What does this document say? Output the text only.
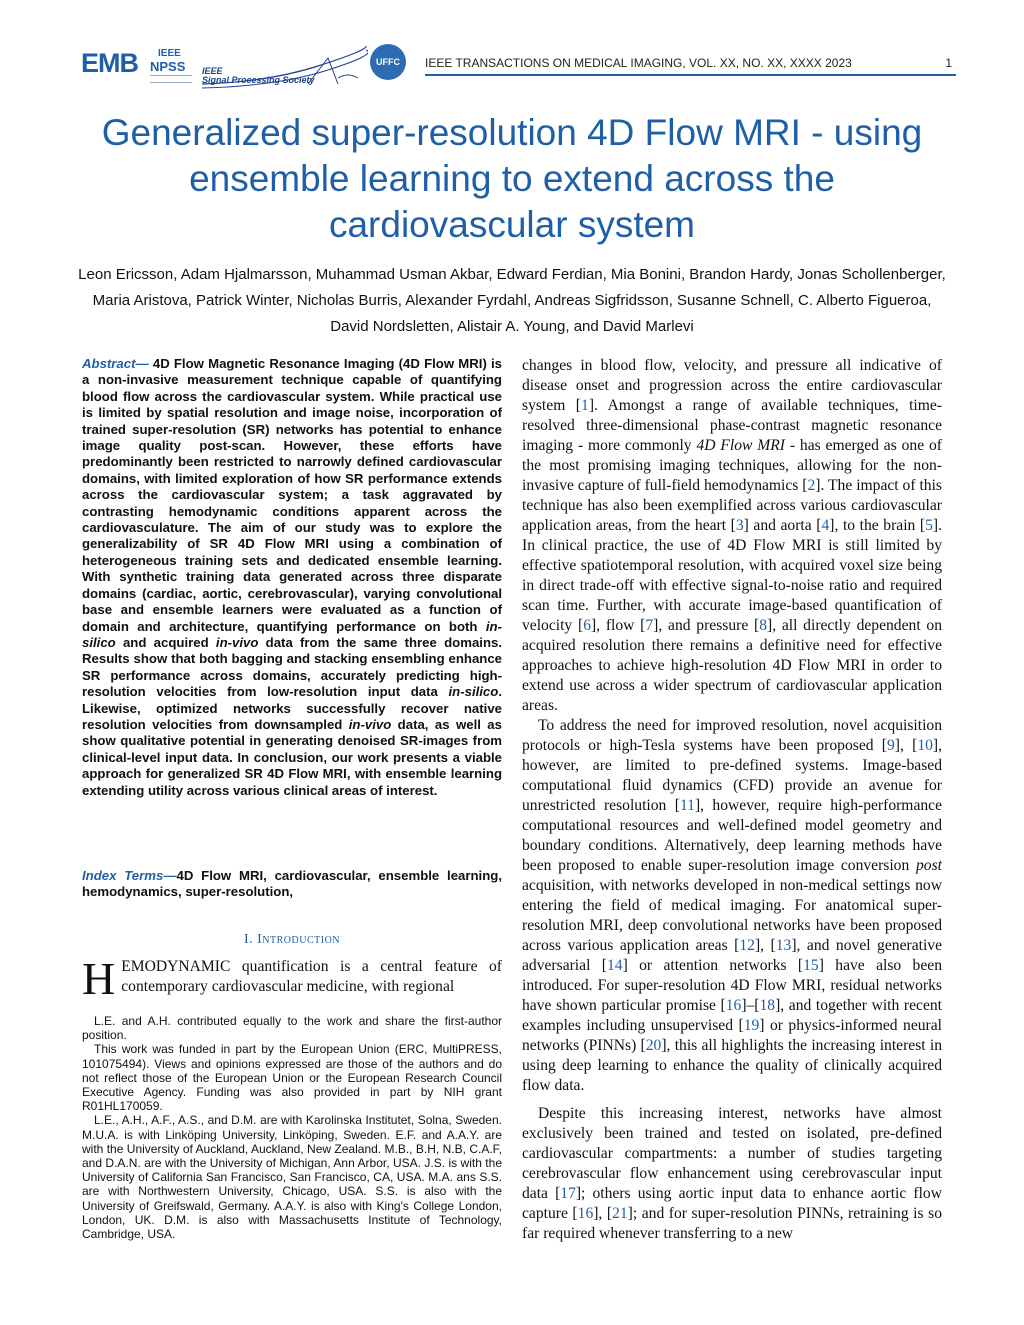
EMB IEEE
NPSS IEEE
Signal Processing Society
UFFC IEEE TRANSACTIONS ON MEDICAL IMAGING, VOL. XX, NO. XX, XXXX 2023	1
Generalized super-resolution 4D Flow MRI - using ensemble learning to extend across the cardiovascular system
Leon Ericsson, Adam Hjalmarsson, Muhammad Usman Akbar, Edward Ferdian, Mia Bonini, Brandon Hardy, Jonas Schollenberger, Maria Aristova, Patrick Winter, Nicholas Burris, Alexander Fyrdahl, Andreas Sigfridsson, Susanne Schnell, C. Alberto Figueroa, David Nordsletten, Alistair A. Young, and David Marlevi
Abstract— 4D Flow Magnetic Resonance Imaging (4D Flow MRI) is a non-invasive measurement technique capable of quantifying blood flow across the cardiovascular system. While practical use is limited by spatial resolution and image noise, incorporation of trained super-resolution (SR) networks has potential to enhance image quality post-scan. However, these efforts have predominantly been restricted to narrowly defined cardiovascular domains, with limited exploration of how SR performance extends across the cardiovascular system; a task aggravated by contrasting hemodynamic conditions apparent across the cardiovasculature. The aim of our study was to explore the generalizability of SR 4D Flow MRI using a combination of heterogeneous training sets and dedicated ensemble learning. With synthetic training data generated across three disparate domains (cardiac, aortic, cerebrovascular), varying convolutional base and ensemble learners were evaluated as a function of domain and architecture, quantifying performance on both in-silico and acquired in-vivo data from the same three domains. Results show that both bagging and stacking ensembling enhance SR performance across domains, accurately predicting high-resolution velocities from low-resolution input data in-silico. Likewise, optimized networks successfully recover native resolution velocities from downsampled in-vivo data, as well as show qualitative potential in generating denoised SR-images from clinical-level input data. In conclusion, our work presents a viable approach for generalized SR 4D Flow MRI, with ensemble learning extending utility across various clinical areas of interest.
Index Terms—4D Flow MRI, cardiovascular, ensemble learning, hemodynamics, super-resolution,
I. Introduction
HEMODYNAMIC quantification is a central feature of contemporary cardiovascular medicine, with regional

L.E. and A.H. contributed equally to the work and share the first-author position.

This work was funded in part by the European Union (ERC, MultiPRESS, 101075494). Views and opinions expressed are those of the authors and do not reflect those of the European Union or the European Research Council Executive Agency. Funding was also provided in part by NIH grant R01HL170059.

L.E., A.H., A.F., A.S., and D.M. are with Karolinska Institutet, Solna, Sweden. M.U.A. is with Linköping University, Linköping, Sweden. E.F. and A.A.Y. are with the University of Auckland, Auckland, New Zealand. M.B., B.H, N.B, C.A.F, and D.A.N. are with the University of Michigan, Ann Arbor, USA. J.S. is with the University of California San Francisco, San Francisco, CA, USA. M.A. ans S.S. are with Northwestern University, Chicago, USA. S.S. is also with the University of Greifswald, Germany. A.A.Y. is also with King's College London, London, UK. D.M. is also with Massachusetts Institute of Technology, Cambridge, USA.

changes in blood flow, velocity, and pressure all indicative of disease onset and progression across the entire cardiovascular system [1]. Amongst a range of available techniques, time-resolved three-dimensional phase-contrast magnetic resonance imaging - more commonly 4D Flow MRI - has emerged as one of the most promising imaging techniques, allowing for the non-invasive capture of full-field hemodynamics [2]. The impact of this technique has also been exemplified across various cardiovascular application areas, from the heart [3] and aorta [4], to the brain [5]. In clinical practice, the use of 4D Flow MRI is still limited by effective spatiotemporal resolution, with acquired voxel size being in direct trade-off with effective signal-to-noise ratio and required scan time. Further, with accurate image-based quantification of velocity [6], flow [7], and pressure [8], all directly dependent on acquired resolution there remains a definitive need for effective approaches to achieve high-resolution 4D Flow MRI in order to extend use across a wider spectrum of cardiovascular application areas.

To address the need for improved resolution, novel acquisition protocols or high-Tesla systems have been proposed [9], [10], however, are limited to pre-defined systems. Image-based computational fluid dynamics (CFD) provide an avenue for unrestricted resolution [11], however, require high-performance computational resources and well-defined model geometry and boundary conditions. Alternatively, deep learning methods have been proposed to enable super-resolution image conversion post acquisition, with networks developed in non-medical settings now entering the field of medical imaging. For anatomical super-resolution MRI, deep convolutional networks have been proposed across various application areas [12], [13], and novel generative adversarial [14] or attention networks [15] have also been introduced. For super-resolution 4D Flow MRI, residual networks have shown particular promise [16]–[18], and together with recent examples including unsupervised [19] or physics-informed neural networks (PINNs) [20], this all highlights the increasing interest in using deep learning to enhance the quality of clinically acquired flow data.

Despite this increasing interest, networks have almost exclusively been trained and tested on isolated, pre-defined cardiovascular compartments: a number of studies targeting cerebrovascular flow enhancement using cerebrovascular input data [17]; others using aortic input data to enhance aortic flow capture [16], [21]; and for super-resolution PINNs, retraining is so far required whenever transferring to a new
